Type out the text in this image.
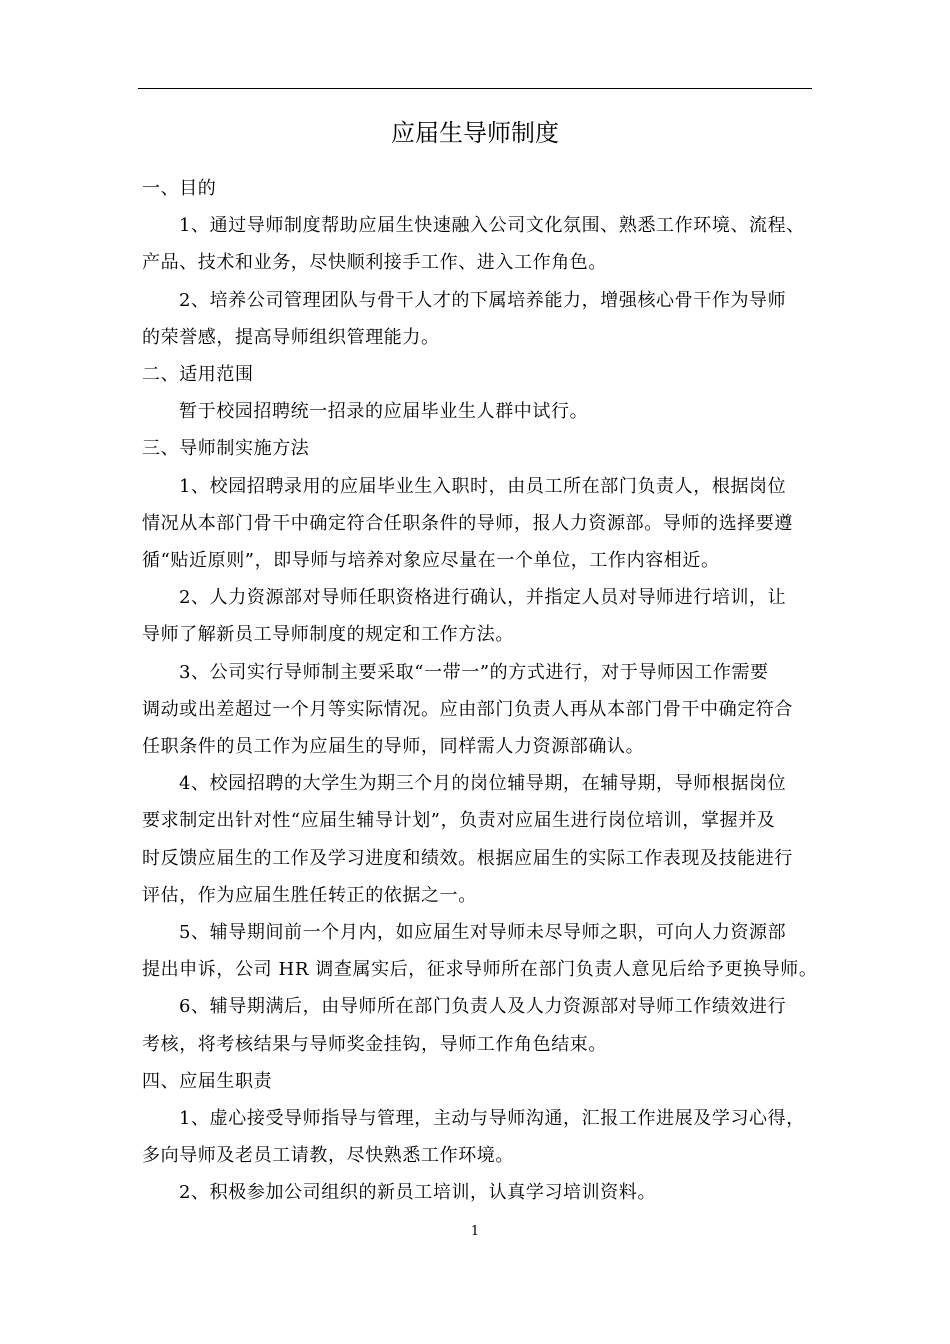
应届生导师制度

一、目的

1、通过导师制度帮助应届生快速融入公司文化氛围、熟悉工作环境、流程、
产品、技术和业务，尽快顺利接手工作、进入工作角色。

2、培养公司管理团队与骨干人才的下属培养能力，增强核心骨干作为导师
的荣誉感，提高导师组织管理能力。

二、适用范围

暂于校园招聘统一招录的应届毕业生人群中试行。

三、导师制实施方法

1、校园招聘录用的应届毕业生入职时，由员工所在部门负责人，根据岗位
情况从本部门骨干中确定符合任职条件的导师，报人力资源部。导师的选择要遵
循“贴近原则”，即导师与培养对象应尽量在一个单位，工作内容相近。

2、人力资源部对导师任职资格进行确认，并指定人员对导师进行培训，让
导师了解新员工导师制度的规定和工作方法。

3、公司实行导师制主要采取“一带一”的方式进行，对于导师因工作需要
调动或出差超过一个月等实际情况。应由部门负责人再从本部门骨干中确定符合
任职条件的员工作为应届生的导师，同样需人力资源部确认。

4、校园招聘的大学生为期三个月的岗位辅导期，在辅导期，导师根据岗位
要求制定出针对性“应届生辅导计划”，负责对应届生进行岗位培训，掌握并及
时反馈应届生的工作及学习进度和绩效。根据应届生的实际工作表现及技能进行
评估，作为应届生胜任转正的依据之一。

5、辅导期间前一个月内，如应届生对导师未尽导师之职，可向人力资源部
提出申诉，公司 HR 调查属实后，征求导师所在部门负责人意见后给予更换导师。

6、辅导期满后，由导师所在部门负责人及人力资源部对导师工作绩效进行
考核，将考核结果与导师奖金挂钩，导师工作角色结束。

四、应届生职责

1、虚心接受导师指导与管理，主动与导师沟通，汇报工作进展及学习心得，
多向导师及老员工请教，尽快熟悉工作环境。

2、积极参加公司组织的新员工培训，认真学习培训资料。

1
